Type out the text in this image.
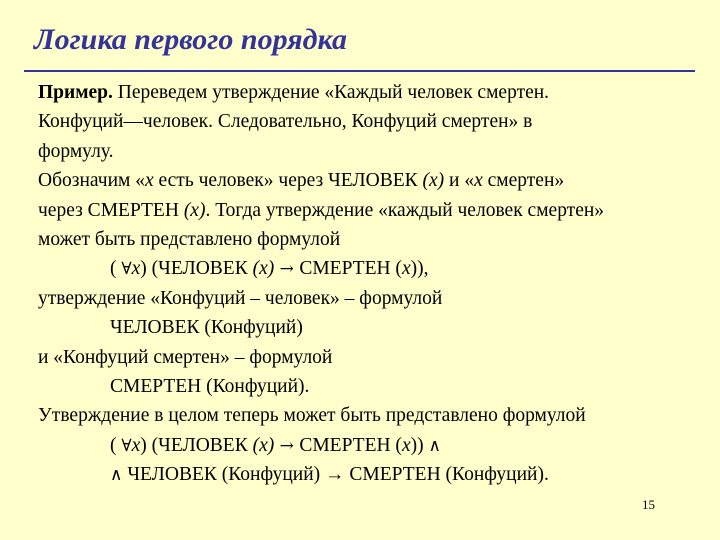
Логика первого порядка
Пример. Переведем утверждение «Каждый человек смертен.
Конфуций—человек. Следовательно, Конфуций смертен» в
формулу.
Обозначим «x есть человек» через ЧЕЛОВЕК (x) и «x смертен»
через СМЕРТЕН (x). Тогда утверждение «каждый человек смертен»
может быть представлено формулой
( ∀x) (ЧЕЛОВЕК (x) → СМЕРТЕН (x)),
утверждение «Конфуций – человек» – формулой
ЧЕЛОВЕК (Конфуций)
и «Конфуций смертен» – формулой
СМЕРТЕН (Конфуций).
Утверждение в целом теперь может быть представлено формулой
( ∀x) (ЧЕЛОВЕК (x) → СМЕРТЕН (x)) ∧
∧ ЧЕЛОВЕК (Конфуций) → СМЕРТЕН (Конфуций).
15
